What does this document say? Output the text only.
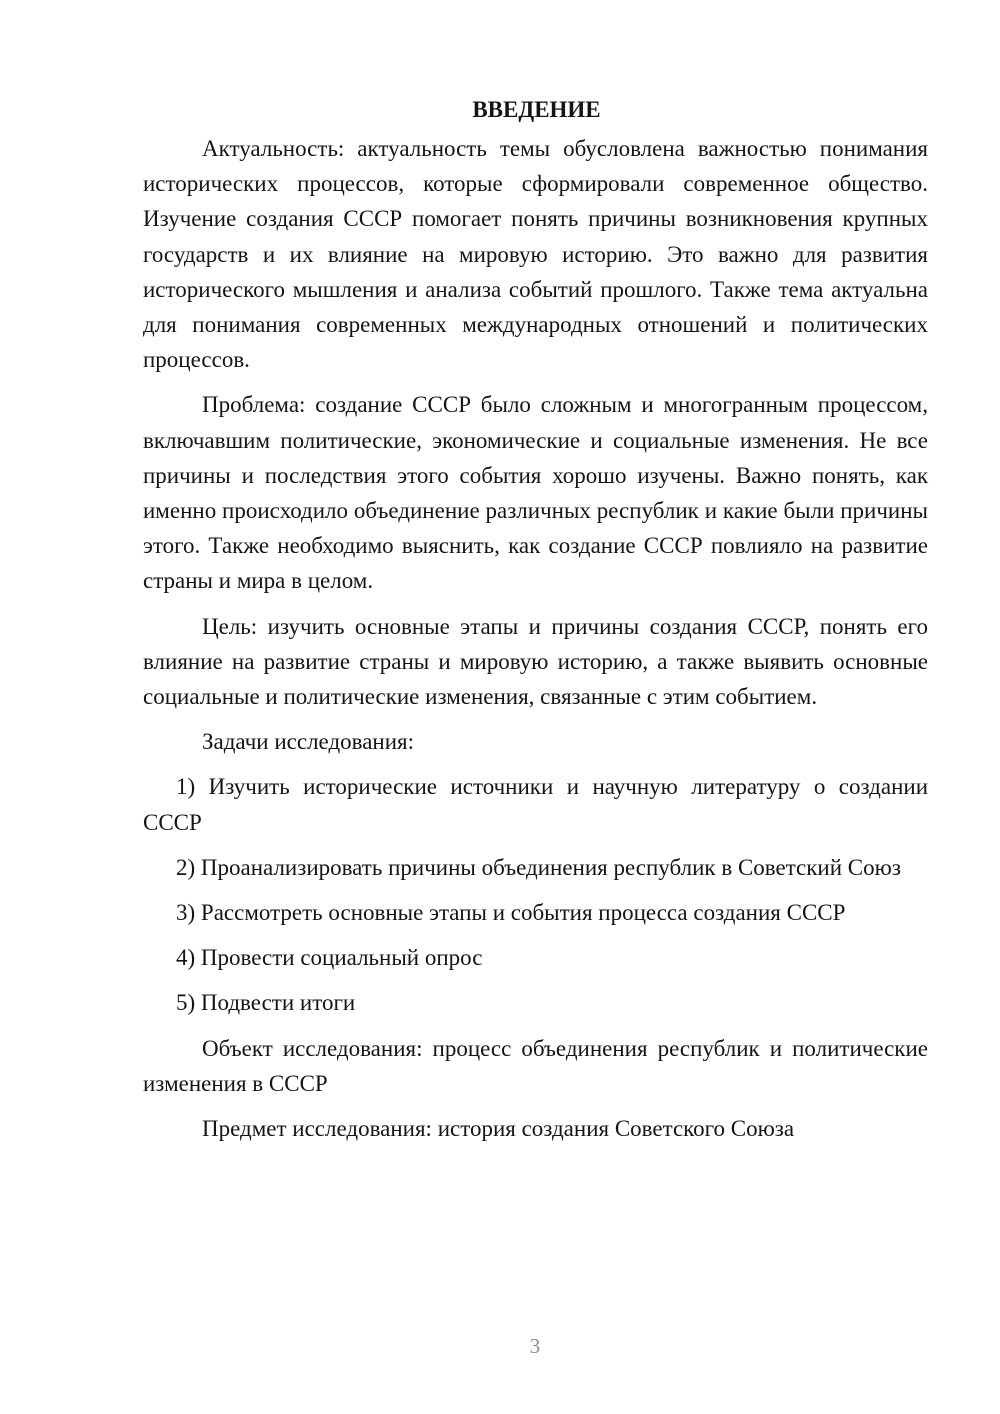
ВВЕДЕНИЕ

Актуальность: актуальность темы обусловлена важностью понимания исторических процессов, которые сформировали современное общество. Изучение создания СССР помогает понять причины возникновения крупных государств и их влияние на мировую историю. Это важно для развития исторического мышления и анализа событий прошлого. Также тема актуальна для понимания современных международных отношений и политических процессов.

Проблема: создание СССР было сложным и многогранным процессом, включавшим политические, экономические и социальные изменения. Не все причины и последствия этого события хорошо изучены. Важно понять, как именно происходило объединение различных республик и какие были причины этого. Также необходимо выяснить, как создание СССР повлияло на развитие страны и мира в целом.

Цель: изучить основные этапы и причины создания СССР, понять его влияние на развитие страны и мировую историю, а также выявить основные социальные и политические изменения, связанные с этим событием.

Задачи исследования:

1) Изучить исторические источники и научную литературу о создании СССР

2) Проанализировать причины объединения республик в Советский Союз

3) Рассмотреть основные этапы и события процесса создания СССР

4) Провести социальный опрос

5) Подвести итоги

Объект исследования: процесс объединения республик и политические изменения в СССР

Предмет исследования: история создания Советского Союза

3
